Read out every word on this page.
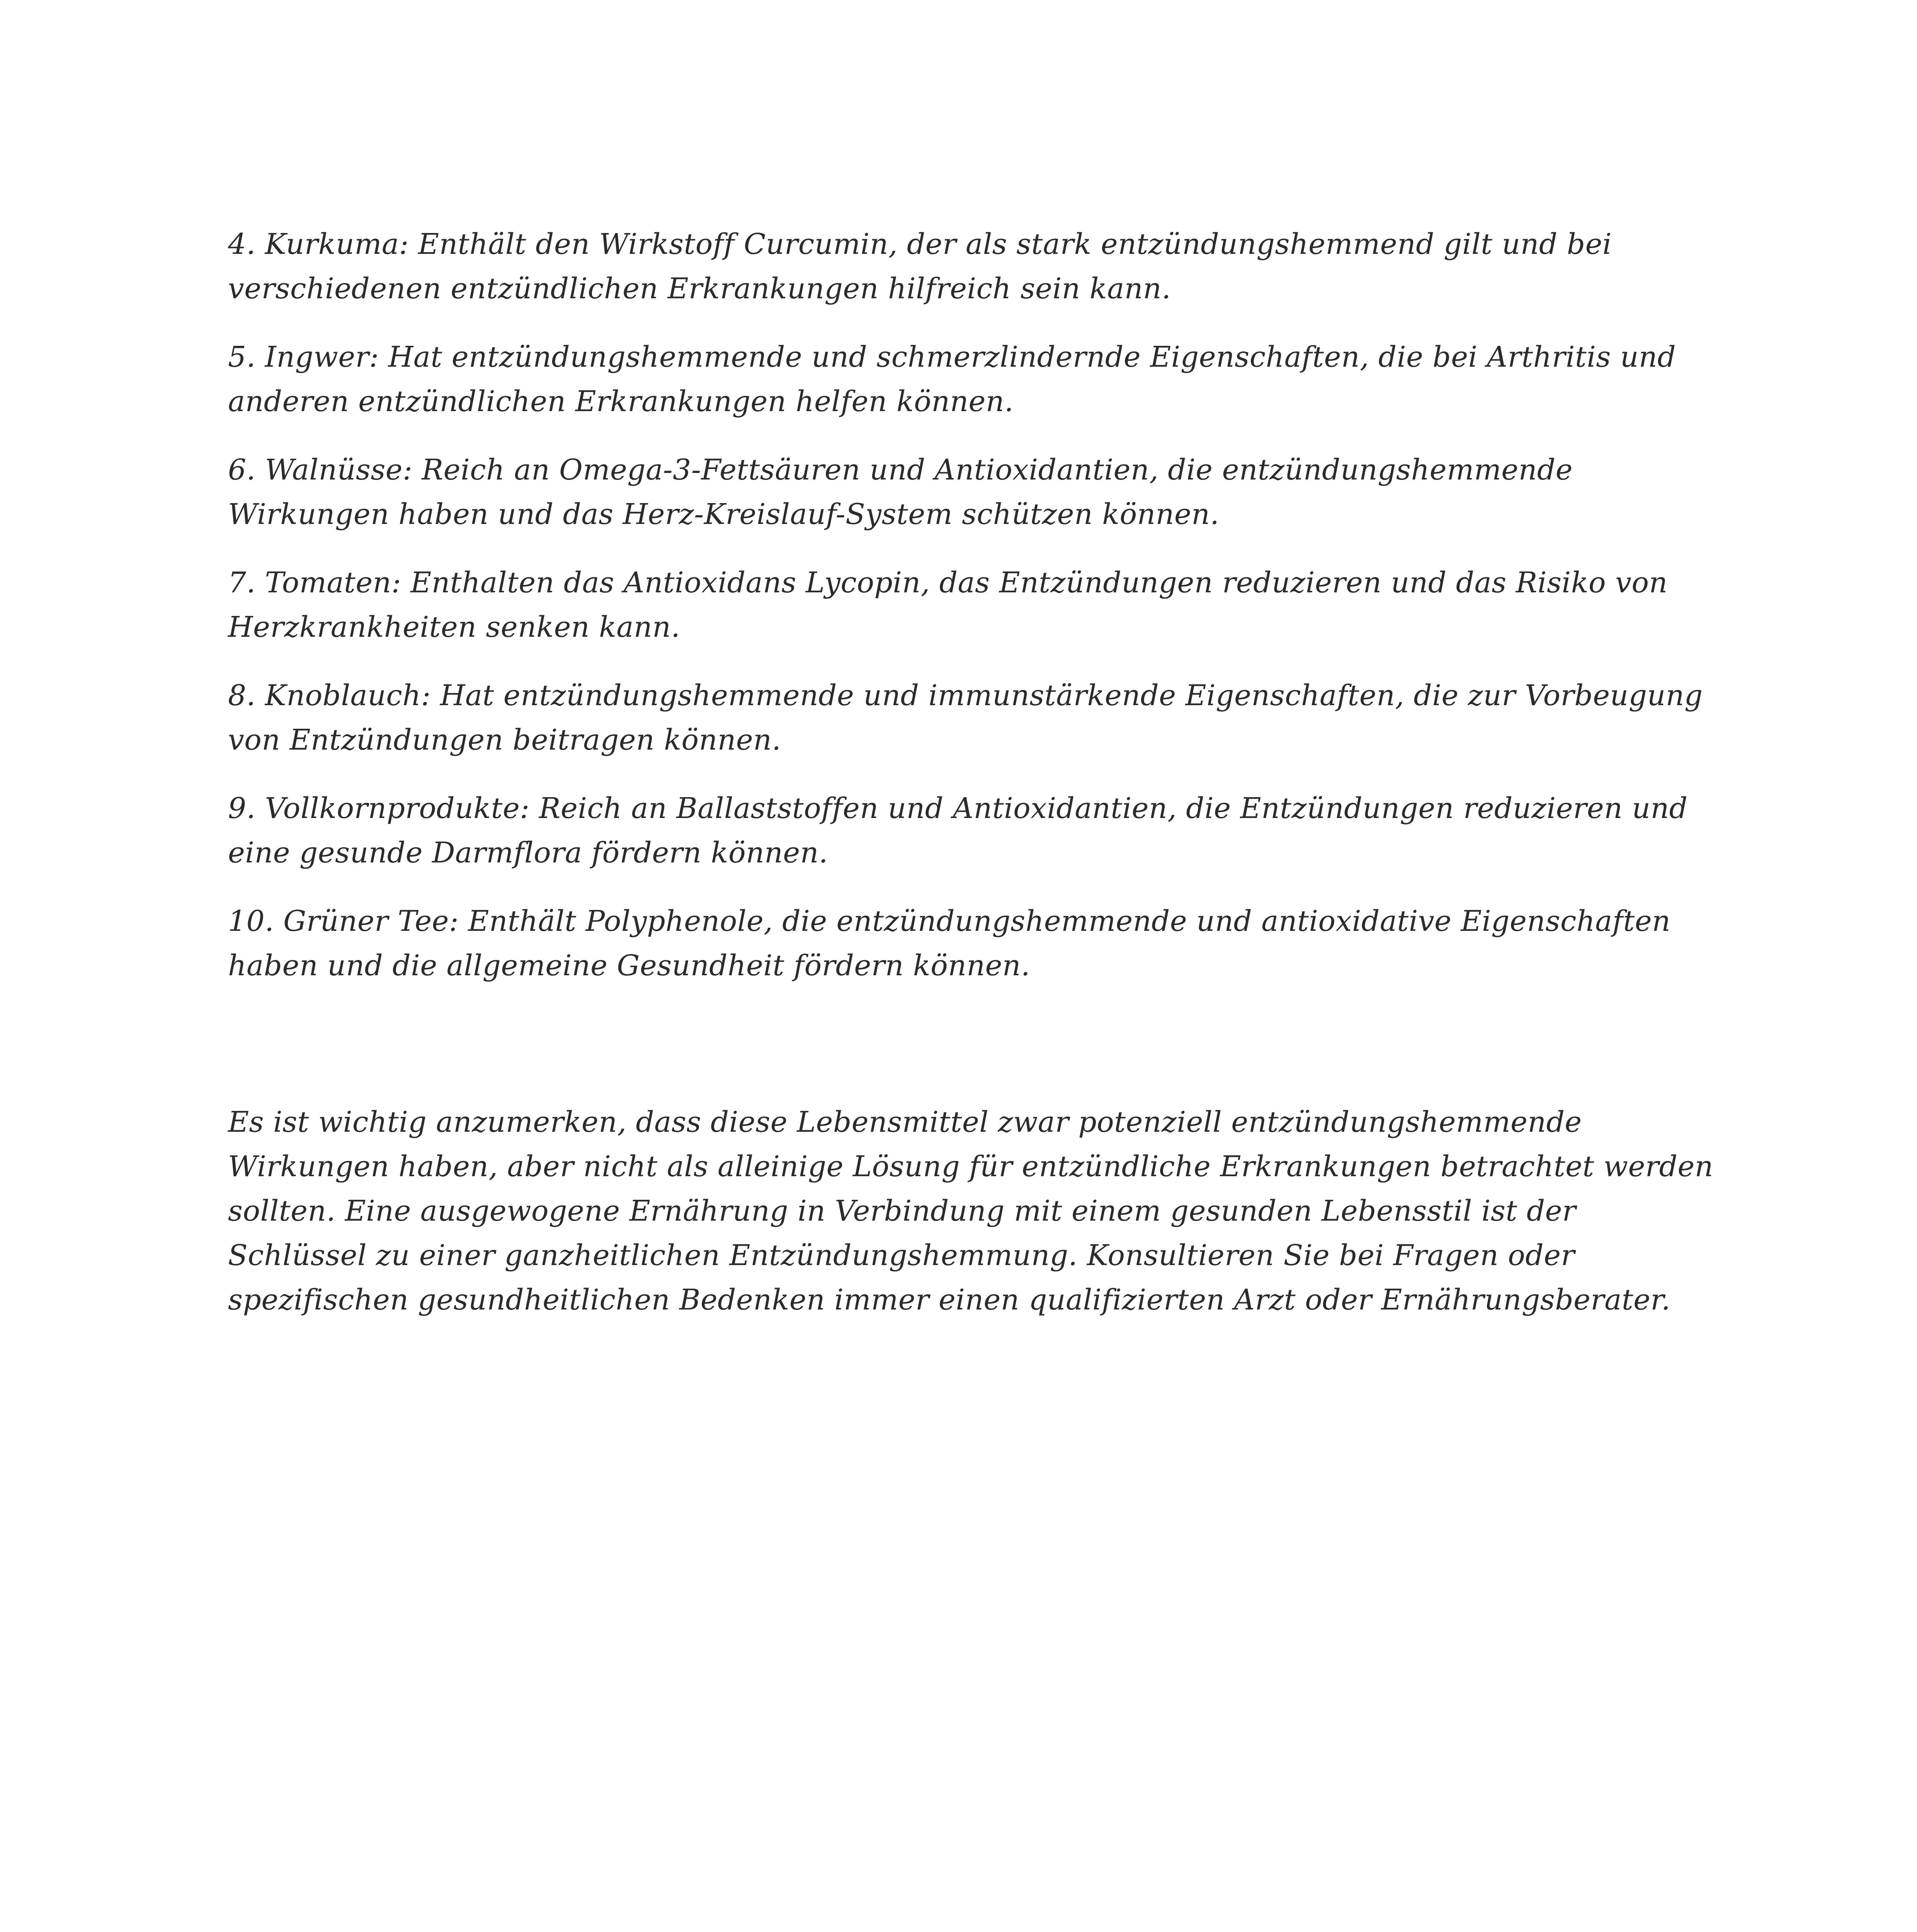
4. Kurkuma: Enthält den Wirkstoff Curcumin, der als stark entzündungshemmend gilt und bei verschiedenen entzündlichen Erkrankungen hilfreich sein kann.

5. Ingwer: Hat entzündungshemmende und schmerzlindernde Eigenschaften, die bei Arthritis und anderen entzündlichen Erkrankungen helfen können.

6. Walnüsse: Reich an Omega-3-Fettsäuren und Antioxidantien, die entzündungshemmende Wirkungen haben und das Herz-Kreislauf-System schützen können.

7. Tomaten: Enthalten das Antioxidans Lycopin, das Entzündungen reduzieren und das Risiko von Herzkrankheiten senken kann.

8. Knoblauch: Hat entzündungshemmende und immunstärkende Eigenschaften, die zur Vorbeugung von Entzündungen beitragen können.

9. Vollkornprodukte: Reich an Ballaststoffen und Antioxidantien, die Entzündungen reduzieren und eine gesunde Darmflora fördern können.

10. Grüner Tee: Enthält Polyphenole, die entzündungshemmende und antioxidative Eigenschaften haben und die allgemeine Gesundheit fördern können.

Es ist wichtig anzumerken, dass diese Lebensmittel zwar potenziell entzündungshemmende Wirkungen haben, aber nicht als alleinige Lösung für entzündliche Erkrankungen betrachtet werden sollten. Eine ausgewogene Ernährung in Verbindung mit einem gesunden Lebensstil ist der Schlüssel zu einer ganzheitlichen Entzündungshemmung. Konsultieren Sie bei Fragen oder spezifischen gesundheitlichen Bedenken immer einen qualifizierten Arzt oder Ernährungsberater.
